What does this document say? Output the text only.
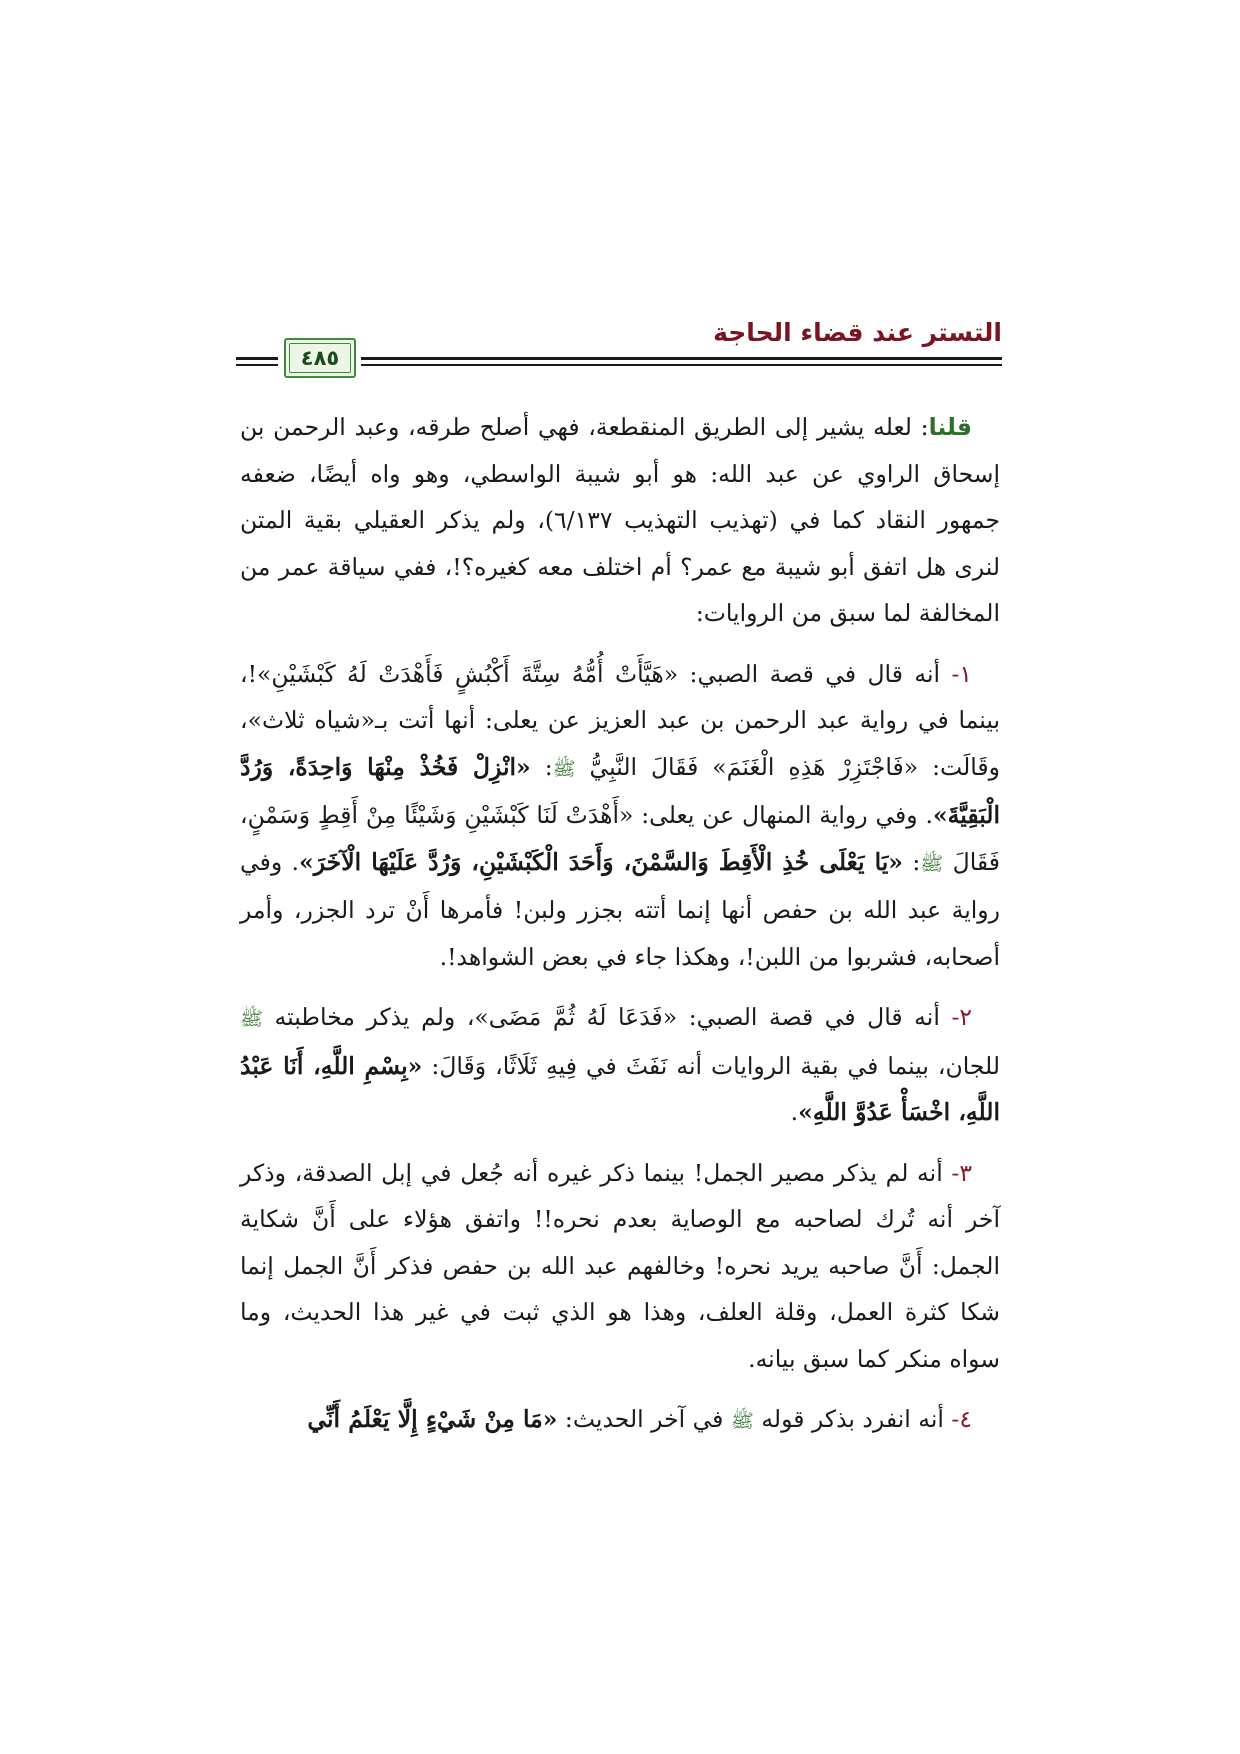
التستر عند قضاء الحاجة
٤٨٥

قلنا: لعله يشير إلى الطريق المنقطعة، فهي أصلح طرقه، وعبد الرحمن بن إسحاق الراوي عن عبد الله: هو أبو شيبة الواسطي، وهو واه أيضًا، ضعفه جمهور النقاد كما في (تهذيب التهذيب ٦/١٣٧)، ولم يذكر العقيلي بقية المتن لنرى هل اتفق أبو شيبة مع عمر؟ أم اختلف معه كغيره؟!، ففي سياقة عمر من المخالفة لما سبق من الروايات:

١- أنه قال في قصة الصبي: «هَيَّأَتْ أُمُّهُ سِتَّةَ أَكْبُشٍ فَأَهْدَتْ لَهُ كَبْشَيْنِ»!، بينما في رواية عبد الرحمن بن عبد العزيز عن يعلى: أنها أتت بـ«شياه ثلاث»، وقَالَت: «فَاجْتَزِرْ هَذِهِ الْغَنَمَ» فَقَالَ النَّبِيُّ ﷺ: «انْزِلْ فَخُذْ مِنْهَا وَاحِدَةً، وَرُدَّ الْبَقِيَّةَ». وفي رواية المنهال عن يعلى: «أَهْدَتْ لَنَا كَبْشَيْنِ وَشَيْئًا مِنْ أَقِطٍ وَسَمْنٍ، فَقَالَ ﷺ: «يَا يَعْلَى خُذِ الْأَقِطَ وَالسَّمْنَ، وَأَحَدَ الْكَبْشَيْنِ، وَرُدَّ عَلَيْهَا الْآخَرَ». وفي رواية عبد الله بن حفص أنها إنما أتته بجزر ولبن! فأمرها أَنْ ترد الجزر، وأمر أصحابه، فشربوا من اللبن!، وهكذا جاء في بعض الشواهد!.

٢- أنه قال في قصة الصبي: «فَدَعَا لَهُ ثُمَّ مَضَى»، ولم يذكر مخاطبته ﷺ للجان، بينما في بقية الروايات أنه نَفَثَ في فِيهِ ثَلَاثًا، وَقَالَ: «بِسْمِ اللَّهِ، أَنَا عَبْدُ اللَّهِ، اخْسَأْ عَدُوَّ اللَّهِ».

٣- أنه لم يذكر مصير الجمل! بينما ذكر غيره أنه جُعل في إبل الصدقة، وذكر آخر أنه تُرك لصاحبه مع الوصاية بعدم نحره!! واتفق هؤلاء على أَنَّ شكاية الجمل: أَنَّ صاحبه يريد نحره! وخالفهم عبد الله بن حفص فذكر أَنَّ الجمل إنما شكا كثرة العمل، وقلة العلف، وهذا هو الذي ثبت في غير هذا الحديث، وما سواه منكر كما سبق بيانه.

٤- أنه انفرد بذكر قوله ﷺ في آخر الحديث: «مَا مِنْ شَيْءٍ إِلَّا يَعْلَمُ أَنِّي
